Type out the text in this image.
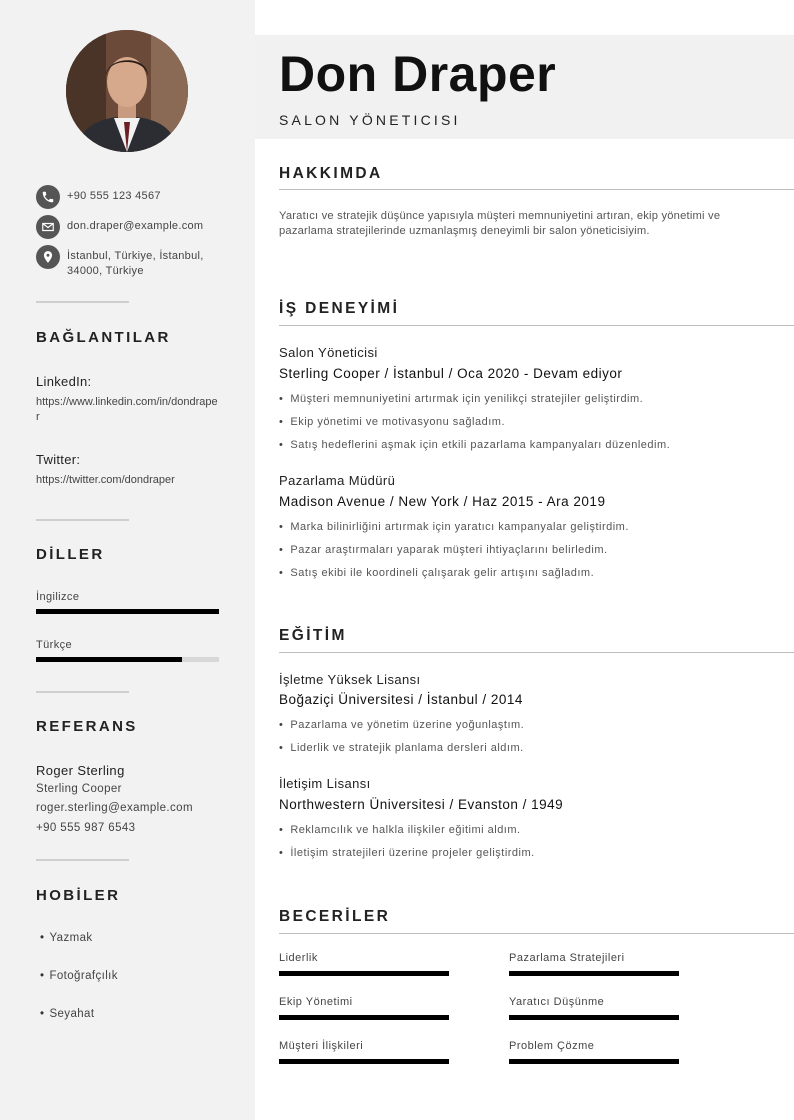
+90 555 123 4567
don.draper@example.com
İstanbul, Türkiye, İstanbul,
34000, Türkiye
BAĞLANTILAR
LinkedIn:
https://www.linkedin.com/in/dondraper
Twitter:
https://twitter.com/dondraper
DİLLER
İngilizce
Türkçe
REFERANS
Roger Sterling
Sterling Cooper
roger.sterling@example.com
+90 555 987 6543
HOBİLER
• Yazmak
• Fotoğrafçılık
• Seyahat
Don Draper
SALON YÖNETICISI
HAKKIMDA
Yaratıcı ve stratejik düşünce yapısıyla müşteri memnuniyetini artıran, ekip yönetimi ve pazarlama stratejilerinde uzmanlaşmış deneyimli bir salon yöneticisiyim.
İŞ DENEYİMİ
Salon Yöneticisi
Sterling Cooper / İstanbul / Oca 2020 - Devam ediyor
• Müşteri memnuniyetini artırmak için yenilikçi stratejiler geliştirdim.
• Ekip yönetimi ve motivasyonu sağladım.
• Satış hedeflerini aşmak için etkili pazarlama kampanyaları düzenledim.
Pazarlama Müdürü
Madison Avenue / New York / Haz 2015 - Ara 2019
• Marka bilinirliğini artırmak için yaratıcı kampanyalar geliştirdim.
• Pazar araştırmaları yaparak müşteri ihtiyaçlarını belirledim.
• Satış ekibi ile koordineli çalışarak gelir artışını sağladım.
EĞİTİM
İşletme Yüksek Lisansı
Boğaziçi Üniversitesi / İstanbul / 2014
• Pazarlama ve yönetim üzerine yoğunlaştım.
• Liderlik ve stratejik planlama dersleri aldım.
İletişim Lisansı
Northwestern Üniversitesi / Evanston / 1949
• Reklamcılık ve halkla ilişkiler eğitimi aldım.
• İletişim stratejileri üzerine projeler geliştirdim.
BECERİLER
Liderlik	Pazarlama Stratejileri
Ekip Yönetimi	Yaratıcı Düşünme
Müşteri İlişkileri	Problem Çözme
